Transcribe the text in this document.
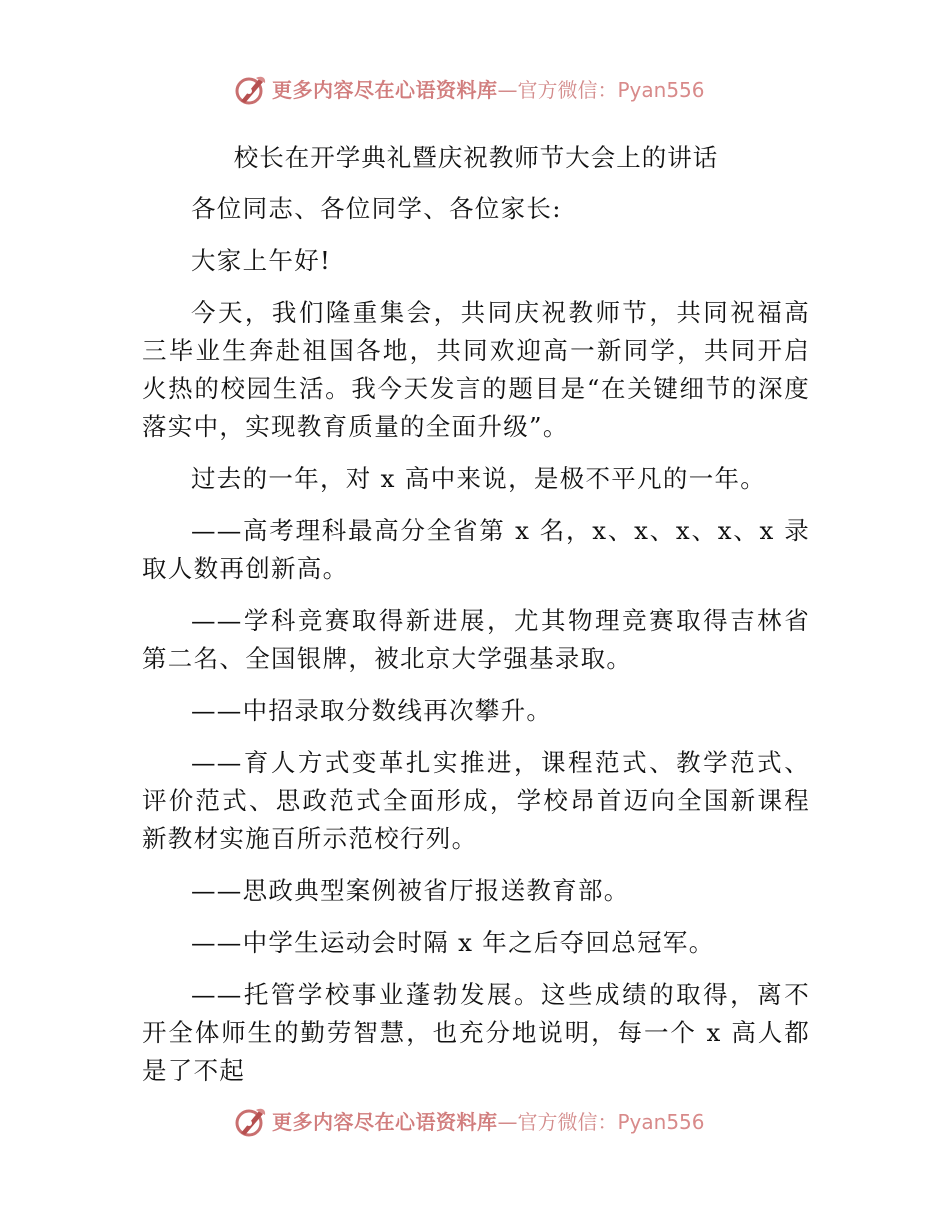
更多内容尽在心语资料库—官方微信：Pyan556
校长在开学典礼暨庆祝教师节大会上的讲话

各位同志、各位同学、各位家长:

大家上午好!

今天，我们隆重集会，共同庆祝教师节，共同祝福高三毕业生奔赴祖国各地，共同欢迎高一新同学，共同开启火热的校园生活。我今天发言的题目是“在关键细节的深度落实中，实现教育质量的全面升级”。

过去的一年，对 x 高中来说，是极不平凡的一年。

——高考理科最高分全省第 x 名，x、x、x、x、x 录取人数再创新高。

——学科竞赛取得新进展，尤其物理竞赛取得吉林省第二名、全国银牌，被北京大学强基录取。

——中招录取分数线再次攀升。

——育人方式变革扎实推进，课程范式、教学范式、评价范式、思政范式全面形成，学校昂首迈向全国新课程新教材实施百所示范校行列。

——思政典型案例被省厅报送教育部。

——中学生运动会时隔 x 年之后夺回总冠军。

——托管学校事业蓬勃发展。这些成绩的取得，离不开全体师生的勤劳智慧，也充分地说明，每一个 x 高人都是了不起

更多内容尽在心语资料库—官方微信：Pyan556
